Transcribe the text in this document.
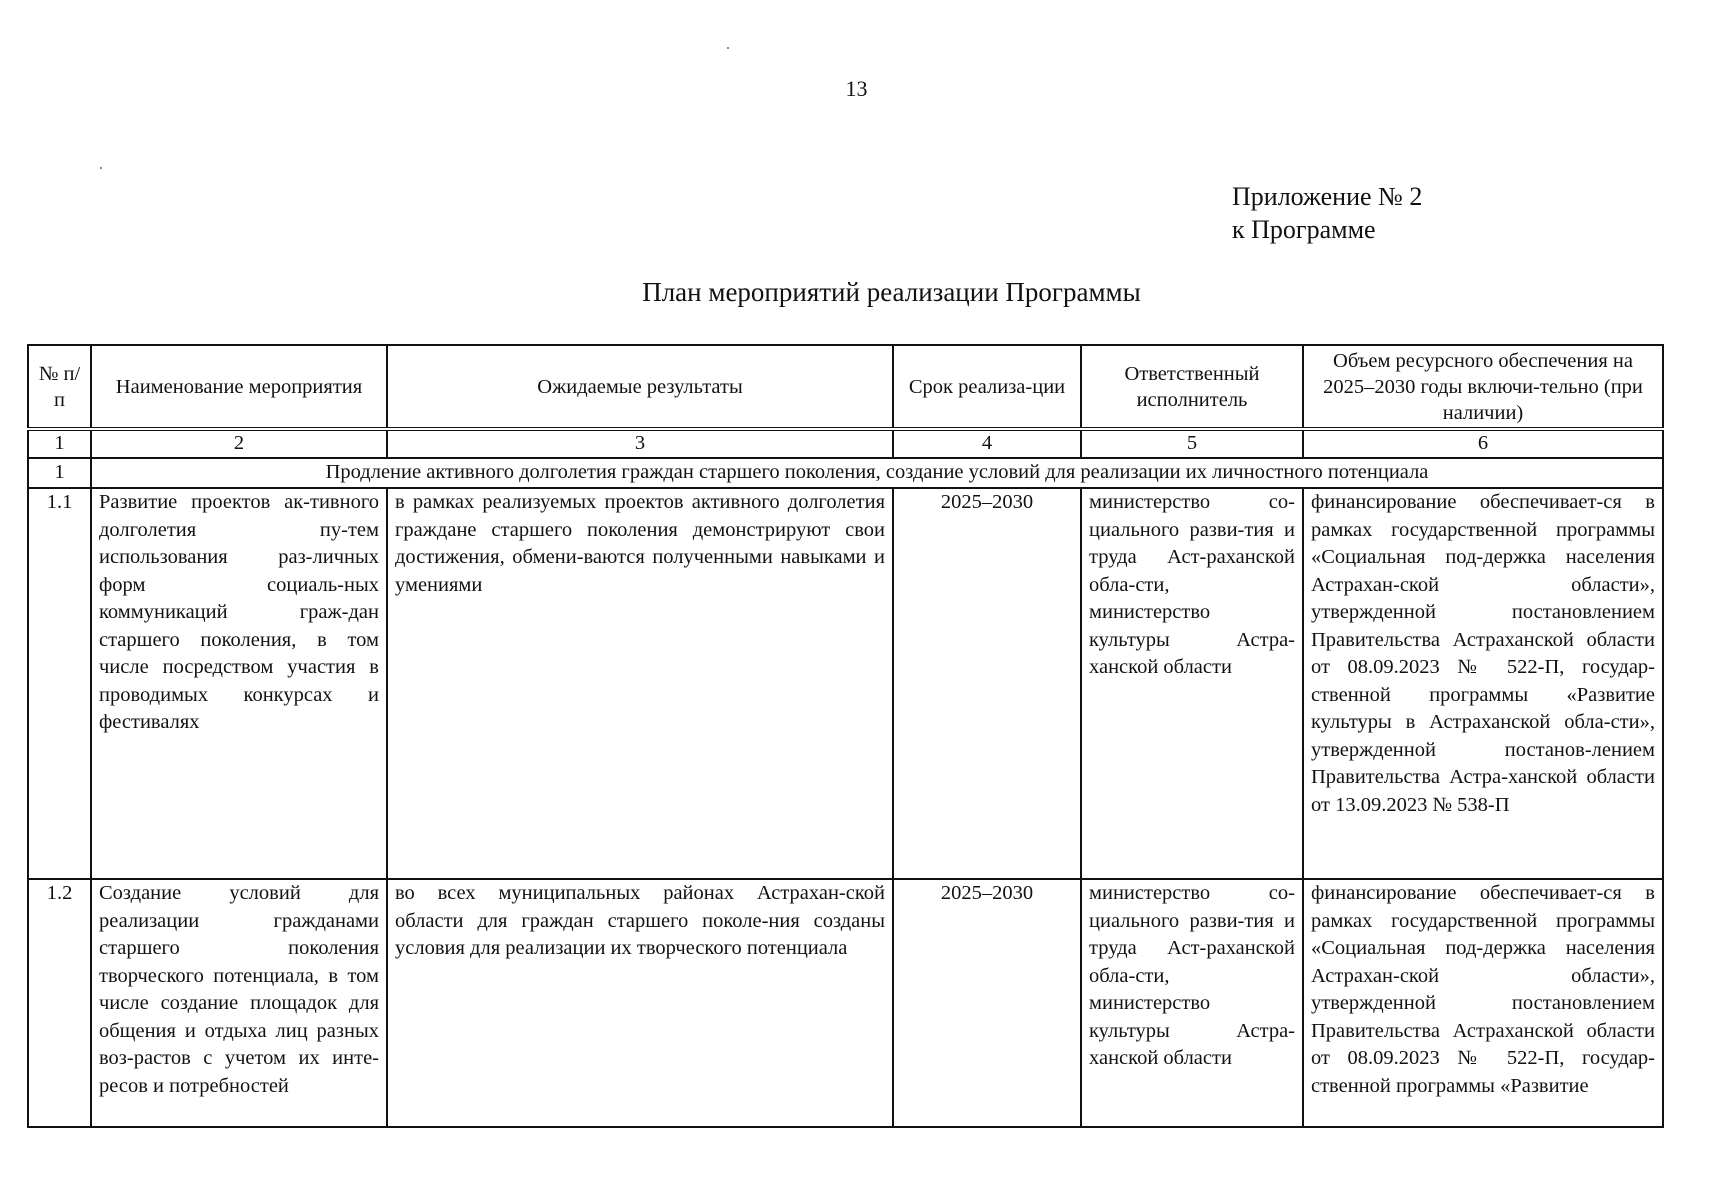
13
Приложение № 2
к Программе
План мероприятий реализации Программы
№ п/п	Наименование мероприятия	Ожидаемые результаты	Срок реализа-ции	Ответственный исполнитель	Объем ресурсного обеспечения на 2025–2030 годы включи-тельно (при наличии)
1	2	3	4	5	6
1	Продление активного долголетия граждан старшего поколения, создание условий для реализации их личностного потенциала				
1.1	Развитие проектов ак-тивного долголетия пу-тем использования раз-личных форм социаль-ных коммуникаций граж-дан старшего поколения, в том числе посредством участия в проводимых конкурсах и фестивалях	в рамках реализуемых проектов активного долголетия граждане старшего поколения демонстрируют свои достижения, обмени-ваются полученными навыками и умениями	2025–2030	министерство со-циального разви-тия и труда Аст-раханской обла-сти, министерство культуры Астра-ханской области	финансирование обеспечивает-ся в рамках государственной программы «Социальная под-держка населения Астрахан-ской области», утвержденной постановлением Правительства Астраханской области от 08.09.2023 № 522-П, государ-ственной программы «Развитие культуры в Астраханской обла-сти», утвержденной постанов-лением Правительства Астра-ханской области от 13.09.2023 № 538-П
1.2	Создание условий для реализации гражданами старшего поколения творческого потенциала, в том числе создание площадок для общения и отдыха лиц разных воз-растов с учетом их инте-ресов и потребностей	во всех муниципальных районах Астрахан-ской области для граждан старшего поколе-ния созданы условия для реализации их творческого потенциала	2025–2030	министерство со-циального разви-тия и труда Аст-раханской обла-сти, министерство культуры Астра-ханской области	финансирование обеспечивает-ся в рамках государственной программы «Социальная под-держка населения Астрахан-ской области», утвержденной постановлением Правительства Астраханской области от 08.09.2023 № 522-П, государ-ственной программы «Развитие
